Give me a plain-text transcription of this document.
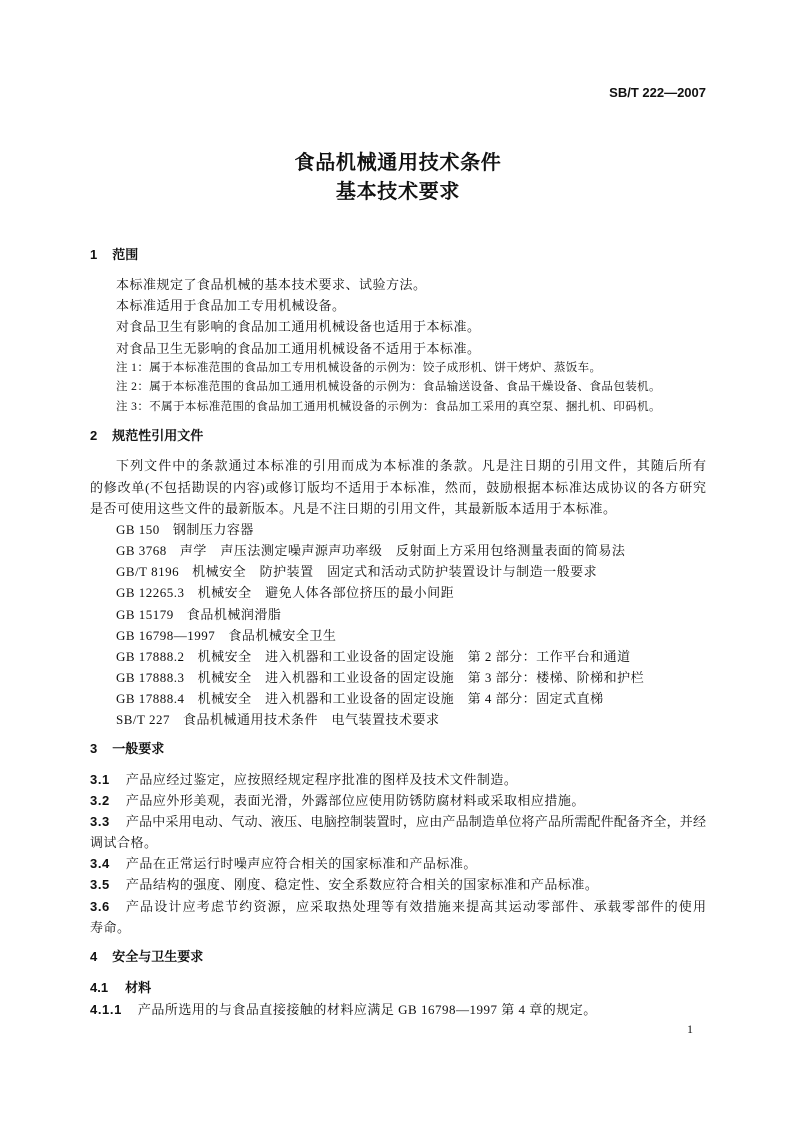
SB/T 222—2007
食品机械通用技术条件
基本技术要求
1 范围
本标准规定了食品机械的基本技术要求、试验方法。
本标准适用于食品加工专用机械设备。
对食品卫生有影响的食品加工通用机械设备也适用于本标准。
对食品卫生无影响的食品加工通用机械设备不适用于本标准。
注 1：属于本标准范围的食品加工专用机械设备的示例为：饺子成形机、饼干烤炉、蒸饭车。
注 2：属于本标准范围的食品加工通用机械设备的示例为：食品输送设备、食品干燥设备、食品包装机。
注 3：不属于本标准范围的食品加工通用机械设备的示例为：食品加工采用的真空泵、捆扎机、印码机。
2 规范性引用文件
下列文件中的条款通过本标准的引用而成为本标准的条款。凡是注日期的引用文件，其随后所有
的修改单(不包括勘误的内容)或修订版均不适用于本标准，然而，鼓励根据本标准达成协议的各方研究
是否可使用这些文件的最新版本。凡是不注日期的引用文件，其最新版本适用于本标准。
GB 150 钢制压力容器
GB 3768 声学　声压法测定噪声源声功率级　反射面上方采用包络测量表面的简易法
GB/T 8196 机械安全　防护装置　固定式和活动式防护装置设计与制造一般要求
GB 12265.3 机械安全　避免人体各部位挤压的最小间距
GB 15179 食品机械润滑脂
GB 16798—1997 食品机械安全卫生
GB 17888.2 机械安全　进入机器和工业设备的固定设施　第 2 部分：工作平台和通道
GB 17888.3 机械安全　进入机器和工业设备的固定设施　第 3 部分：楼梯、阶梯和护栏
GB 17888.4 机械安全　进入机器和工业设备的固定设施　第 4 部分：固定式直梯
SB/T 227 食品机械通用技术条件　电气装置技术要求
3 一般要求
3.1 产品应经过鉴定，应按照经规定程序批准的图样及技术文件制造。
3.2 产品应外形美观，表面光滑，外露部位应使用防锈防腐材料或采取相应措施。
3.3 产品中采用电动、气动、液压、电脑控制装置时，应由产品制造单位将产品所需配件配备齐全，并经
调试合格。
3.4 产品在正常运行时噪声应符合相关的国家标准和产品标准。
3.5 产品结构的强度、刚度、稳定性、安全系数应符合相关的国家标准和产品标准。
3.6 产品设计应考虑节约资源，应采取热处理等有效措施来提高其运动零部件、承载零部件的使用
寿命。
4 安全与卫生要求
4.1 材料
4.1.1 产品所选用的与食品直接接触的材料应满足 GB 16798—1997 第 4 章的规定。
1
